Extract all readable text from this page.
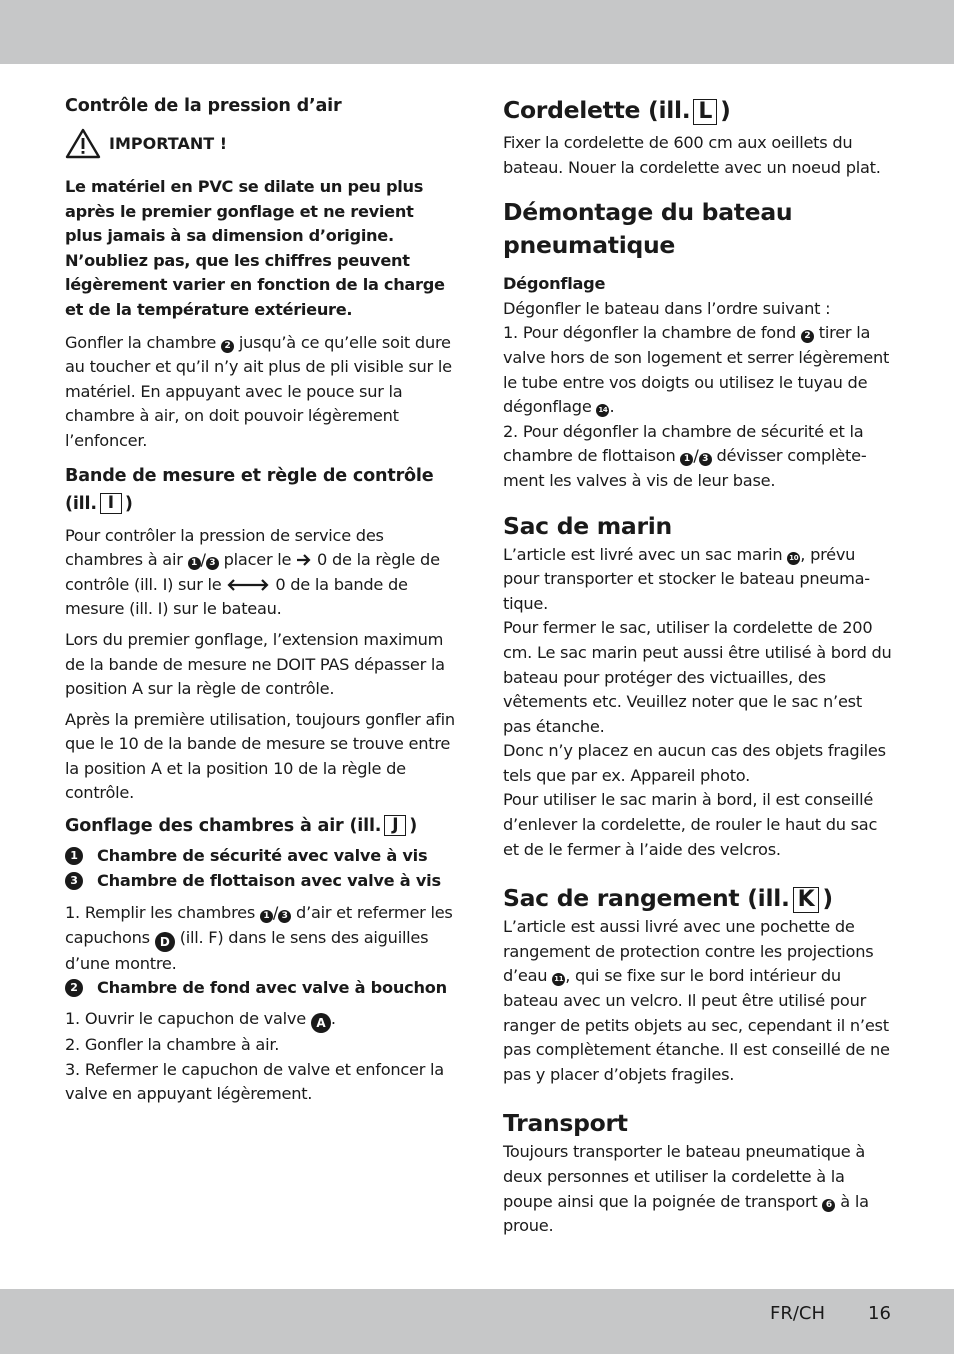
Contrôle de la pression d’air

IMPORTANT !

Le matériel en PVC se dilate un peu plus après le premier gonflage et ne revient plus jamais à sa dimension d’origine. N’oubliez pas, que les chiffres peuvent légèrement varier en fonction de la charge et de la température extérieure.

Gonfler la chambre 2 jusqu’à ce qu’elle soit dure au toucher et qu’il n’y ait plus de pli visible sur le matériel. En appuyant avec le pouce sur la chambre à air, on doit pouvoir légèrement l’enfoncer.

Bande de mesure et règle de contrôle (ill. I )

Pour contrôler la pression de service des chambres à air 1 / 3 placer le 0 de la règle de contrôle (ill. I) sur le	0 de la bande de mesure (ill. I) sur le bateau.

Lors du premier gonflage, l’extension maximum de la bande de mesure ne DOIT PAS dépasser la position A sur la règle de contrôle.

Après la première utilisation, toujours gonfler afin que le 10 de la bande de mesure se trouve entre la position A et la position 10 de la règle de contrôle.

Gonflage des chambres à air (ill. J )

1	Chambre de sécurité avec valve à vis
3	Chambre de flottaison avec valve à vis

1. Remplir les chambres 1 / 3 d’air et refermer les capuchons D (ill. F) dans le sens des aiguilles d’une montre.

2	Chambre de fond avec valve à bouchon

1. Ouvrir le capuchon de valve A .

2. Gonfler la chambre à air.

3. Refermer le capuchon de valve et enfoncer la valve en appuyant légèrement.

Cordelette (ill. L )

Fixer la cordelette de 600 cm aux oeillets du bateau. Nouer la cordelette avec un noeud plat.

Démontage du bateau pneumatique

Dégonflage

Dégonfler le bateau dans l’ordre suivant :

1. Pour dégonfler la chambre de fond 2 tirer la valve hors de son logement et serrer légèrement le tube entre vos doigts ou utilisez le tuyau de dégonflage 14 .

2. Pour dégonfler la chambre de sécurité et la chambre de flottaison 1 / 3 dévisser complètement les valves à vis de leur base.

Sac de marin

L’article est livré avec un sac marin 10 , prévu pour transporter et stocker le bateau pneumatique.

Pour fermer le sac, utiliser la cordelette de 200 cm. Le sac marin peut aussi être utilisé à bord du bateau pour protéger des victuailles, des vêtements etc. Veuillez noter que le sac n’est pas étanche.

Donc n’y placez en aucun cas des objets fragiles tels que par ex. Appareil photo.

Pour utiliser le sac marin à bord, il est conseillé d’enlever la cordelette, de rouler le haut du sac et de le fermer à l’aide des velcros.

Sac de rangement (ill. K )

L’article est aussi livré avec une pochette de rangement de protection contre les projections d’eau 11 , qui se fixe sur le bord intérieur du bateau avec un velcro. Il peut être utilisé pour ranger de petits objets au sec, cependant il n’est pas complètement étanche. Il est conseillé de ne pas y placer d’objets fragiles.

Transport

Toujours transporter le bateau pneumatique à deux personnes et utiliser la cordelette à la poupe ainsi que la poignée de transport 6 à la proue.

FR/CH 16
